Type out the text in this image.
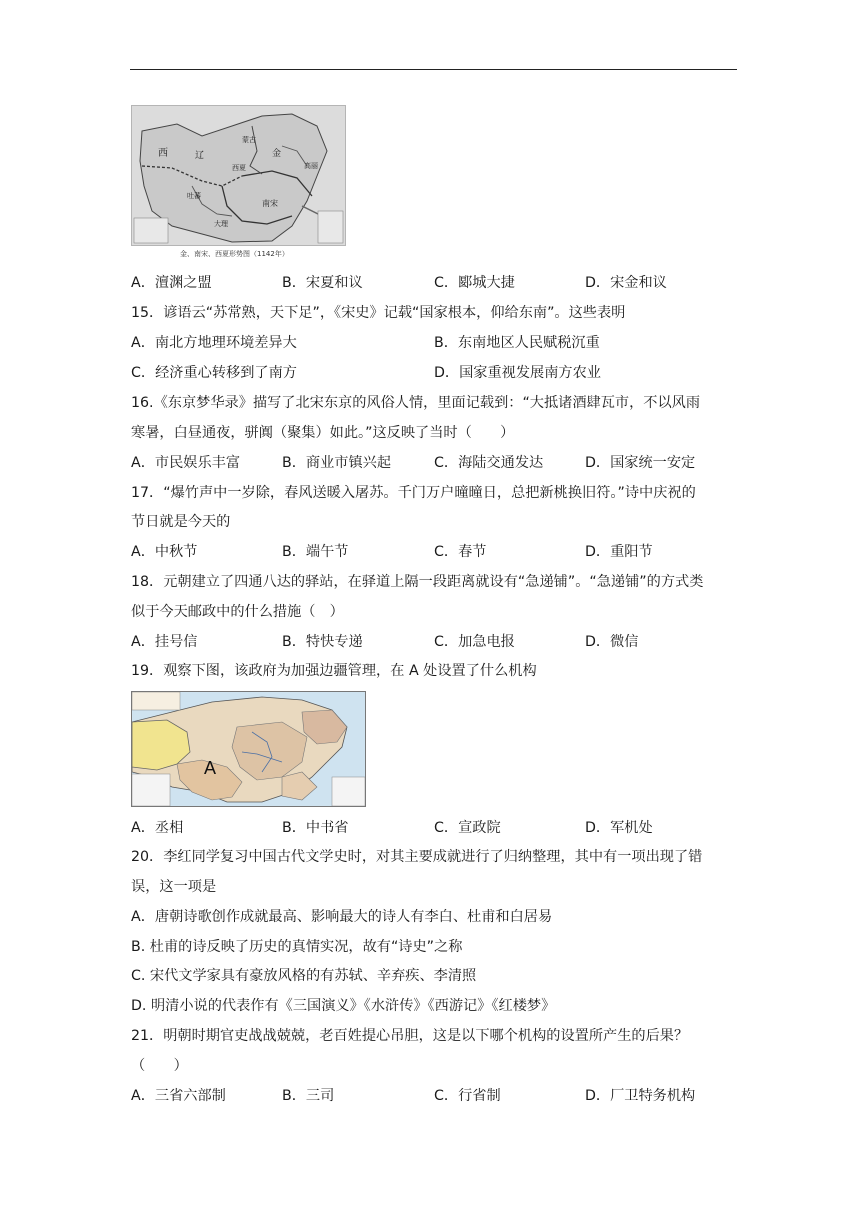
西	辽
西夏
金
蒙古
吐蕃
大理
南宋
高丽
金、南宋、西夏形势图（1142年）
A．澶渊之盟	B．宋夏和议	C．郾城大捷	D．宋金和议
15．谚语云“苏常熟，天下足”，《宋史》记载“国家根本，仰给东南”。这些表明
A．南北方地理环境差异大	B．东南地区人民赋税沉重
C．经济重心转移到了南方	D．国家重视发展南方农业
16.《东京梦华录》描写了北宋东京的风俗人情，里面记载到：“大抵诸酒肆瓦市，不以风雨
寒暑，白昼通夜，骈阗（聚集）如此。”这反映了当时（　　）
A．市民娱乐丰富	B．商业市镇兴起	C．海陆交通发达	D．国家统一安定
17．“爆竹声中一岁除，春风送暖入屠苏。千门万户曈曈日，总把新桃换旧符。”诗中庆祝的
节日就是今天的
A．中秋节	B．端午节	C．春节	D．重阳节
18．元朝建立了四通八达的驿站，在驿道上隔一段距离就设有“急递铺”。“急递铺”的方式类
似于今天邮政中的什么措施（　）
A．挂号信	B．特快专递	C．加急电报	D．微信
19．观察下图，该政府为加强边疆管理，在 A 处设置了什么机构
A
A．丞相	B．中书省	C．宣政院	D．军机处
20．李红同学复习中国古代文学史时，对其主要成就进行了归纳整理，其中有一项出现了错
误，这一项是
A．唐朝诗歌创作成就最高、影响最大的诗人有李白、杜甫和白居易
B. 杜甫的诗反映了历史的真情实况，故有“诗史”之称
C. 宋代文学家具有豪放风格的有苏轼、辛弃疾、李清照
D. 明清小说的代表作有《三国演义》《水浒传》《西游记》《红楼梦》
21．明朝时期官吏战战兢兢，老百姓提心吊胆，这是以下哪个机构的设置所产生的后果？
（　　）
A．三省六部制	B．三司	C．行省制	D．厂卫特务机构
